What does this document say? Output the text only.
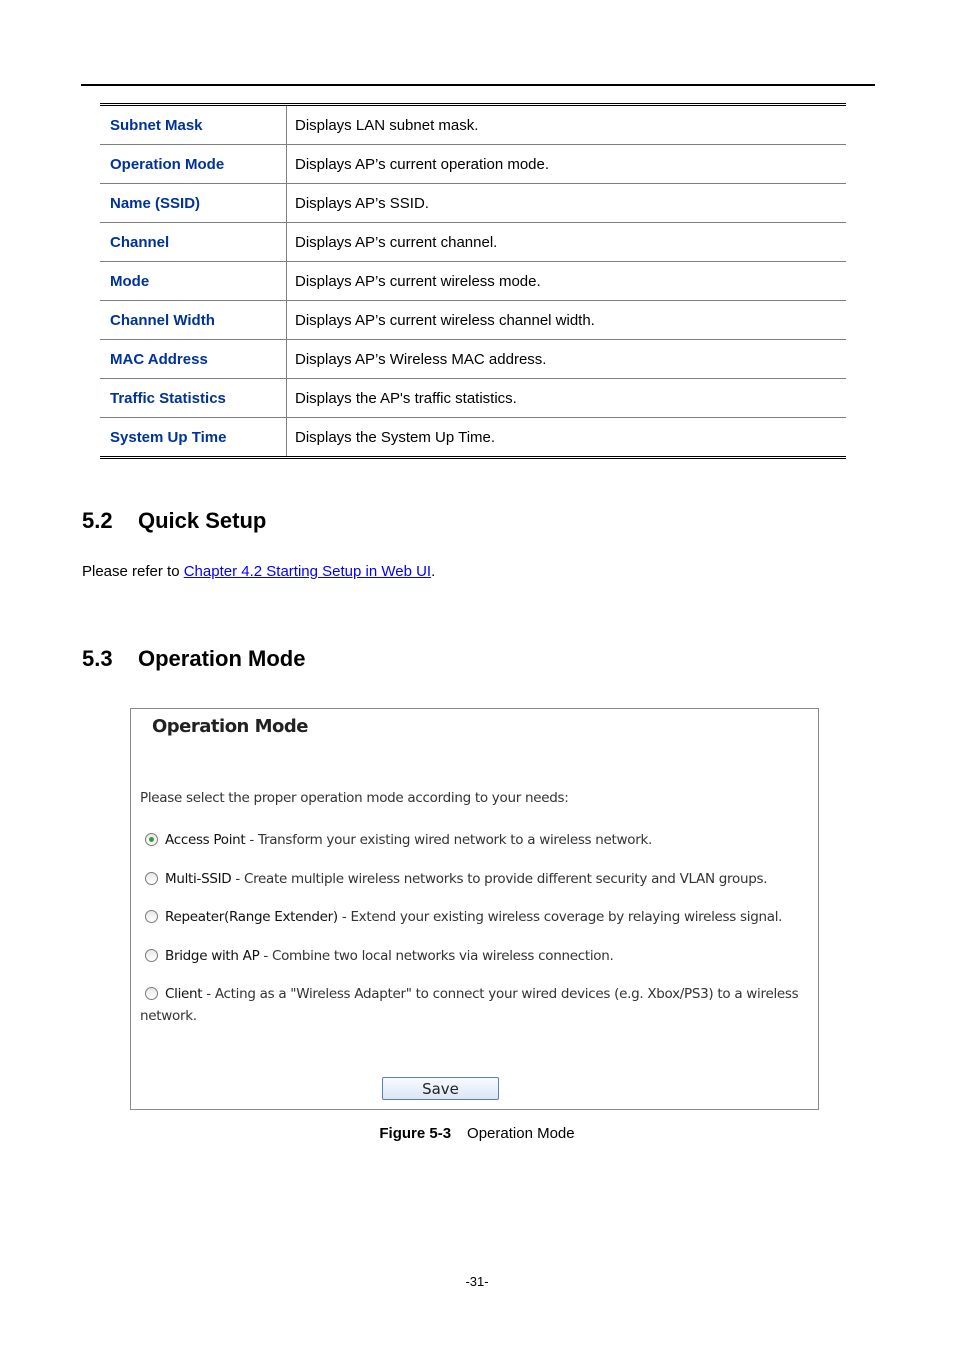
Subnet Mask	Displays LAN subnet mask.
Operation Mode	Displays AP’s current operation mode.
Name (SSID)	Displays AP’s SSID.
Channel	Displays AP’s current channel.
Mode	Displays AP’s current wireless mode.
Channel Width	Displays AP’s current wireless channel width.
MAC Address	Displays AP’s Wireless MAC address.
Traffic Statistics	Displays the AP's traffic statistics.
System Up Time	Displays the System Up Time.
5.2 Quick Setup

Please refer to Chapter 4.2 Starting Setup in Web UI.

5.3 Operation Mode
Operation Mode
Please select the proper operation mode according to your needs:
Access Point - Transform your existing wired network to a wireless network.
Multi-SSID - Create multiple wireless networks to provide different security and VLAN groups.
Repeater(Range Extender) - Extend your existing wireless coverage by relaying wireless signal.
Bridge with AP - Combine two local networks via wireless connection.
Client - Acting as a "Wireless Adapter" to connect your wired devices (e.g. Xbox/PS3) to a wireless network.
Save
Figure 5-3 Operation Mode
-31-
